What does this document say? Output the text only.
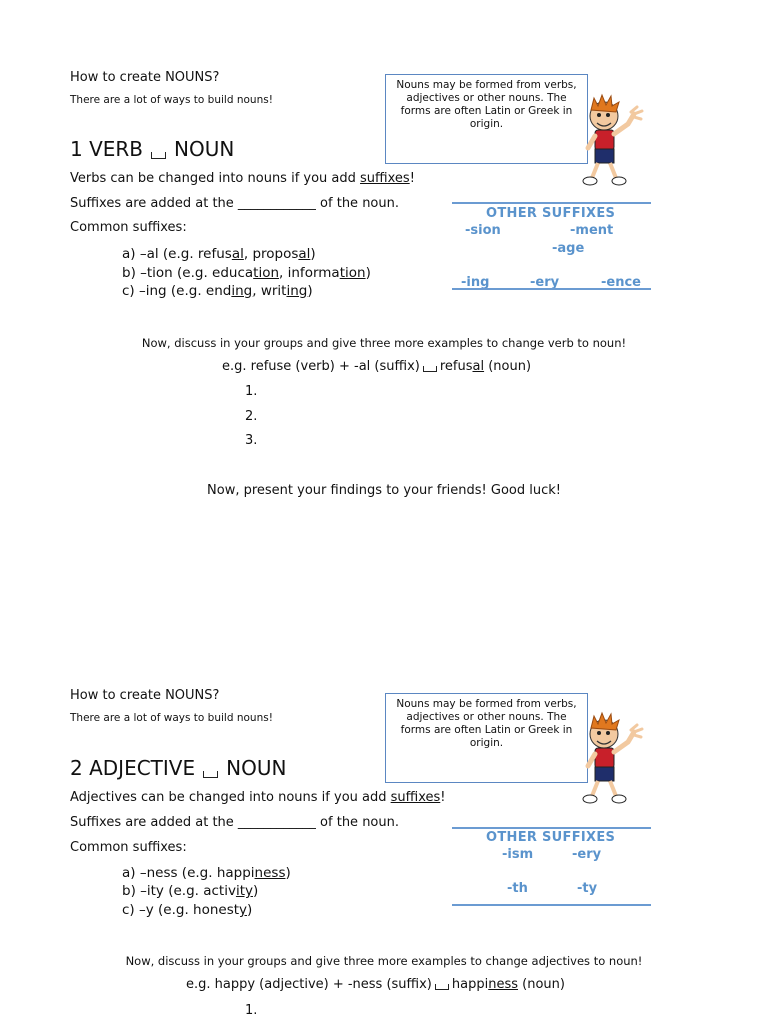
How to create NOUNS?
There are a lot of ways to build nouns!
Nouns may be formed from verbs, adjectives or other nouns. The forms are often Latin or Greek in origin.
1 VERB NOUN
Verbs can be changed into nouns if you add suffixes!
Suffixes are added at the ____________ of the noun.
Common suffixes:
a) –al (e.g. refusal, proposal)
b) –tion (e.g. education, information)
c) –ing (e.g. ending, writing)
OTHER SUFFIXES
-sion	-ment
-age
-ing	-ery	-ence
Now, discuss in your groups and give three more examples to change verb to noun!
e.g. refuse (verb) + -al (suffix) refusal (noun)
1.
2.
3.
Now, present your findings to your friends! Good luck!
How to create NOUNS?
There are a lot of ways to build nouns!
Nouns may be formed from verbs, adjectives or other nouns. The forms are often Latin or Greek in origin.
2 ADJECTIVE NOUN
Adjectives can be changed into nouns if you add suffixes!
Suffixes are added at the ____________ of the noun.
Common suffixes:
a) –ness (e.g. happiness)
b) –ity (e.g. activity)
c) –y (e.g. honesty)
OTHER SUFFIXES
-ism	-ery
-th	-ty
Now, discuss in your groups and give three more examples to change adjectives to noun!
e.g. happy (adjective) + -ness (suffix) happiness (noun)
1.
